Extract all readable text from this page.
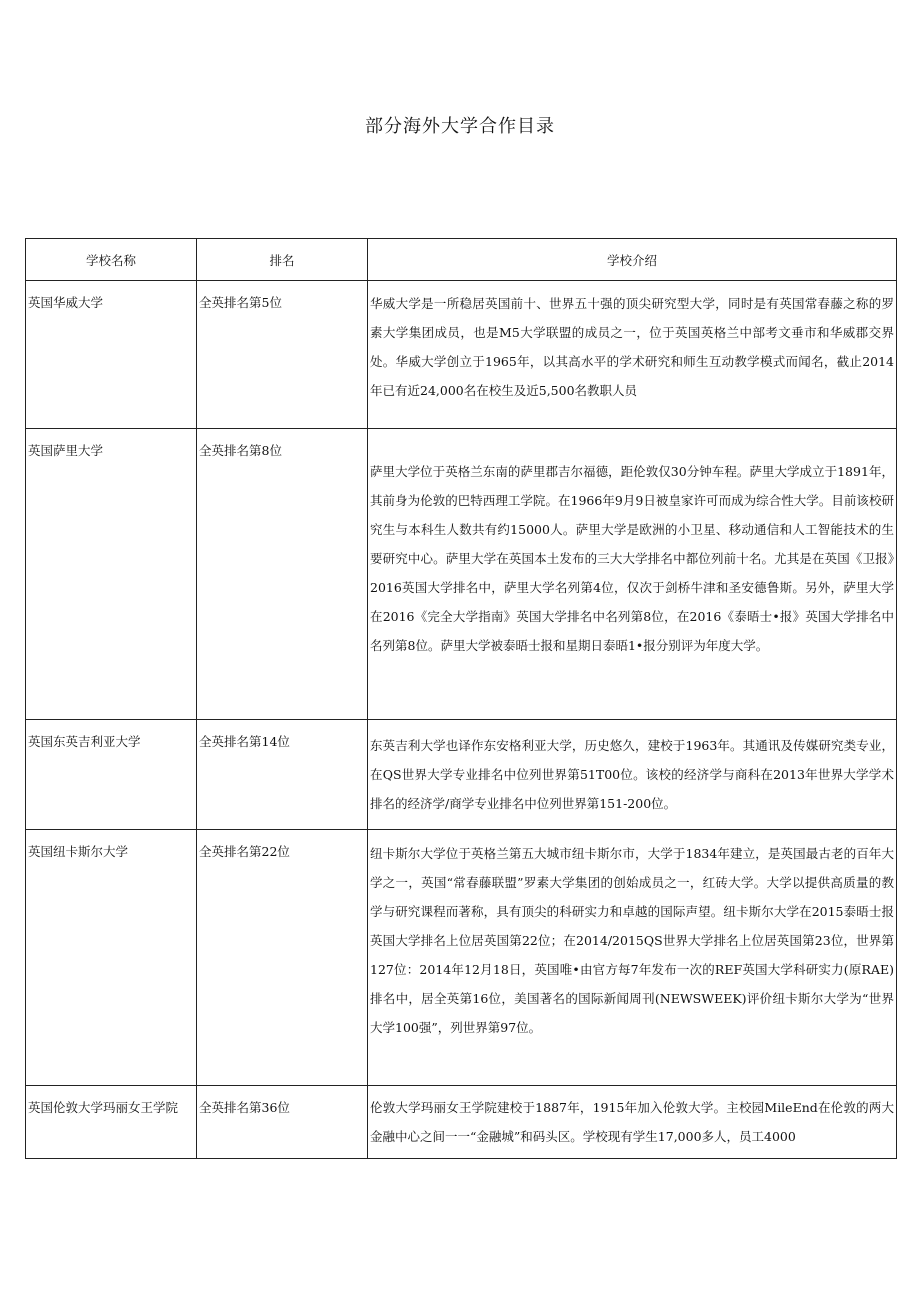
部分海外大学合作目录
学校名称	排名	学校介绍
英国华威大学	全英排名第5位	华威大学是一所稳居英国前十、世界五十强的顶尖研究型大学，同时是有英国常春藤之称的罗素大学集团成员，也是M5大学联盟的成员之一，位于英国英格兰中部考文垂市和华威郡交界处。华威大学创立于1965年，以其高水平的学术研究和师生互动教学模式而闻名，截止2014年已有近24,000名在校生及近5,500名教职人员

英国萨里大学	全英排名第8位	萨里大学位于英格兰东南的萨里郡吉尔福德，距伦敦仅30分钟车程。萨里大学成立于1891年，其前身为伦敦的巴特西理工学院。在1966年9月9日被皇家许可而成为综合性大学。目前该校研究生与本科生人数共有约15000人。萨里大学是欧洲的小卫星、移动通信和人工智能技术的生要研究中心。萨里大学在英国本土发布的三大大学排名中都位列前十名。尤其是在英国《卫报》2016英国大学排名中，萨里大学名列第4位，仅次于剑桥牛津和圣安德鲁斯。另外，萨里大学在2016《完全大学指南》英国大学排名中名列第8位，在2016《泰晤士•报》英国大学排名中名列第8位。萨里大学被泰晤士报和星期日泰晤1•报分别评为年度大学。

英国东英吉利亚大学	全英排名第14位	东英吉利大学也译作东安格利亚大学，历史悠久，建校于1963年。其通讯及传媒研究类专业，在QS世界大学专业排名中位列世界第51T00位。该校的经济学与商科在2013年世界大学学术排名的经济学/商学专业排名中位列世界第151-200位。

英国纽卡斯尔大学	全英排名第22位	纽卡斯尔大学位于英格兰第五大城市纽卡斯尔市，大学于1834年建立，是英国最古老的百年大学之一，英国“常春藤联盟”罗素大学集团的创始成员之一，红砖大学。大学以提供高质量的教学与研究课程而著称，具有顶尖的科研实力和卓越的国际声望。纽卡斯尔大学在2015泰晤士报英国大学排名上位居英国第22位；在2014/2015QS世界大学排名上位居英国第23位，世界第127位：2014年12月18日，英国唯•由官方每7年发布一次的REF英国大学科研实力(原RAE)排名中，居全英第16位，美国著名的国际新闻周刊(NEWSWEEK)评价纽卡斯尔大学为“世界大学100强”，列世界第97位。

英国伦敦大学玛丽女王学院	全英排名第36位	伦敦大学玛丽女王学院建校于1887年，1915年加入伦敦大学。主校园MileEnd在伦敦的两大金融中心之间一一“金融城”和码头区。学校现有学生17,000多人，员工4000
